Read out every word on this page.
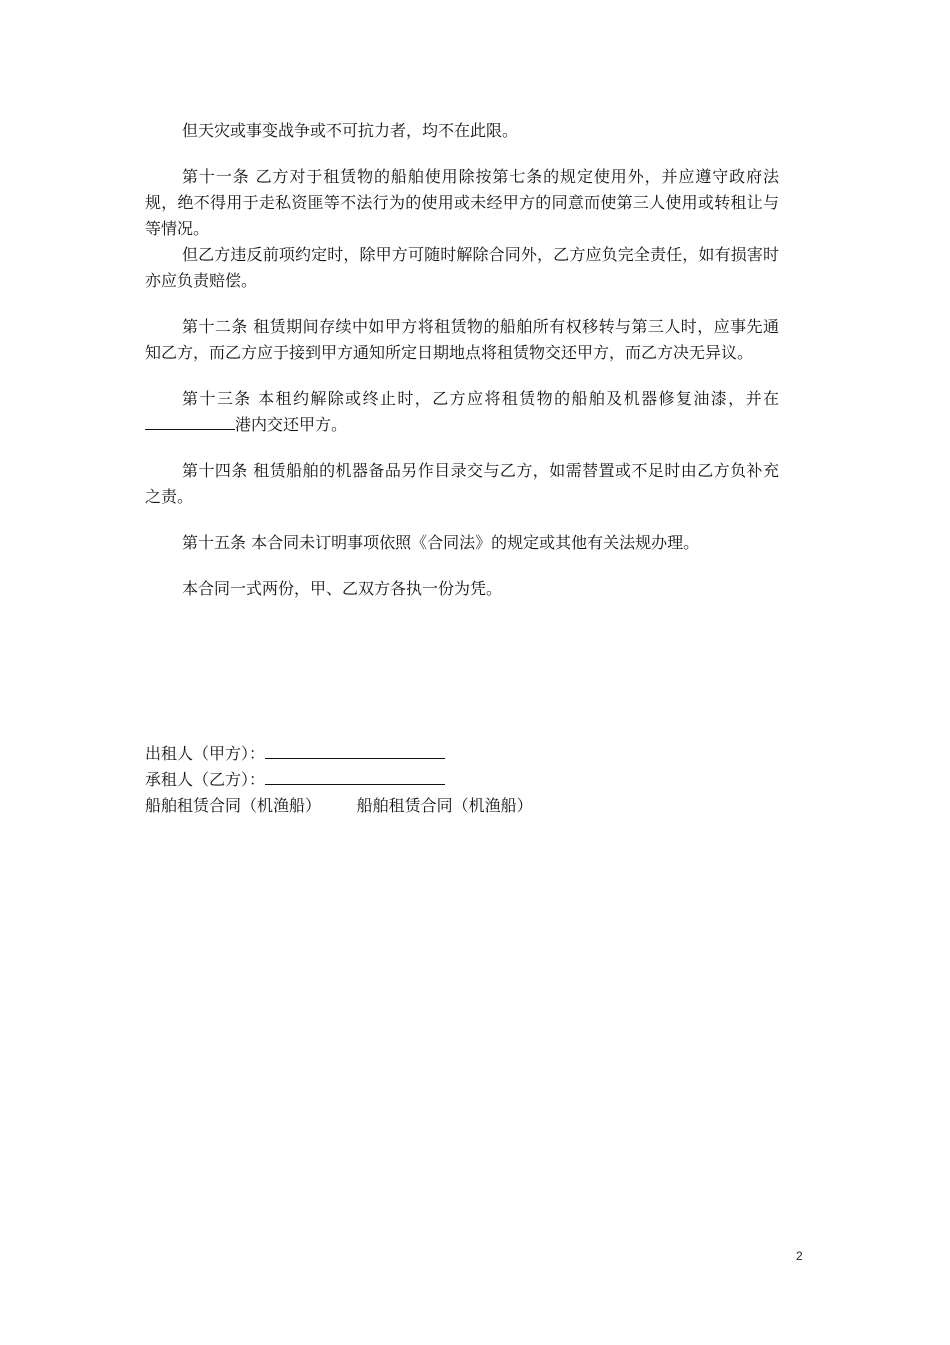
但天灾或事变战争或不可抗力者，均不在此限。

第十一条 乙方对于租赁物的船舶使用除按第七条的规定使用外，并应遵守政府法规，绝不得用于走私资匪等不法行为的使用或未经甲方的同意而使第三人使用或转租让与等情况。

但乙方违反前项约定时，除甲方可随时解除合同外，乙方应负完全责任，如有损害时亦应负责赔偿。

第十二条 租赁期间存续中如甲方将租赁物的船舶所有权移转与第三人时，应事先通知乙方，而乙方应于接到甲方通知所定日期地点将租赁物交还甲方，而乙方决无异议。

第十三条 本租约解除或终止时，乙方应将租赁物的船舶及机器修复油漆，并在 港内交还甲方。

第十四条 租赁船舶的机器备品另作目录交与乙方，如需替置或不足时由乙方负补充之责。

第十五条 本合同未订明事项依照《合同法》的规定或其他有关法规办理。

本合同一式两份，甲、乙双方各执一份为凭。

出租人（甲方）：
承租人（乙方）：
船舶租赁合同（机渔船）       船舶租赁合同（机渔船）
2
